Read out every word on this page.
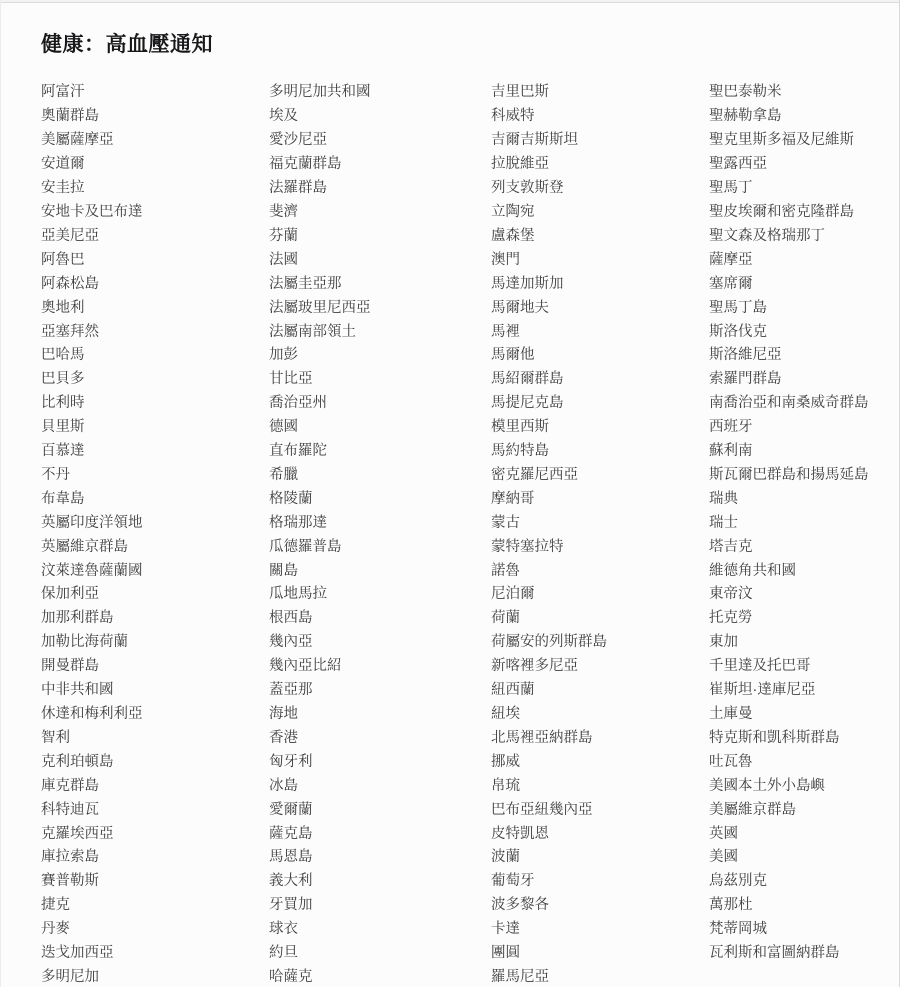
健康：高血壓通知
阿富汗
奧蘭群島
美屬薩摩亞
安道爾
安圭拉
安地卡及巴布達
亞美尼亞
阿魯巴
阿森松島
奧地利
亞塞拜然
巴哈馬
巴貝多
比利時
貝里斯
百慕達
不丹
布韋島
英屬印度洋領地
英屬維京群島
汶萊達魯薩蘭國
保加利亞
加那利群島
加勒比海荷蘭
開曼群島
中非共和國
休達和梅利利亞
智利
克利珀頓島
庫克群島
科特迪瓦
克羅埃西亞
庫拉索島
賽普勒斯
捷克
丹麥
迭戈加西亞
多明尼加
多明尼加共和國
埃及
愛沙尼亞
福克蘭群島
法羅群島
斐濟
芬蘭
法國
法屬圭亞那
法屬玻里尼西亞
法屬南部領土
加彭
甘比亞
喬治亞州
德國
直布羅陀
希臘
格陵蘭
格瑞那達
瓜德羅普島
關島
瓜地馬拉
根西島
幾內亞
幾內亞比紹
蓋亞那
海地
香港
匈牙利
冰島
愛爾蘭
薩克島
馬恩島
義大利
牙買加
球衣
約旦
哈薩克
吉里巴斯
科威特
吉爾吉斯斯坦
拉脫維亞
列支敦斯登
立陶宛
盧森堡
澳門
馬達加斯加
馬爾地夫
馬裡
馬爾他
馬紹爾群島
馬提尼克島
模里西斯
馬約特島
密克羅尼西亞
摩納哥
蒙古
蒙特塞拉特
諾魯
尼泊爾
荷蘭
荷屬安的列斯群島
新喀裡多尼亞
紐西蘭
紐埃
北馬裡亞納群島
挪威
帛琉
巴布亞紐幾內亞
皮特凱恩
波蘭
葡萄牙
波多黎各
卡達
團圓
羅馬尼亞
聖巴泰勒米
聖赫勒拿島
聖克里斯多福及尼維斯
聖露西亞
聖馬丁
聖皮埃爾和密克隆群島
聖文森及格瑞那丁
薩摩亞
塞席爾
聖馬丁島
斯洛伐克
斯洛維尼亞
索羅門群島
南喬治亞和南桑威奇群島
西班牙
蘇利南
斯瓦爾巴群島和揚馬延島
瑞典
瑞士
塔吉克
維德角共和國
東帝汶
托克勞
東加
千里達及托巴哥
崔斯坦·達庫尼亞
土庫曼
特克斯和凱科斯群島
吐瓦魯
美國本土外小島嶼
美屬維京群島
英國
美國
烏茲別克
萬那杜
梵蒂岡城
瓦利斯和富圖納群島
